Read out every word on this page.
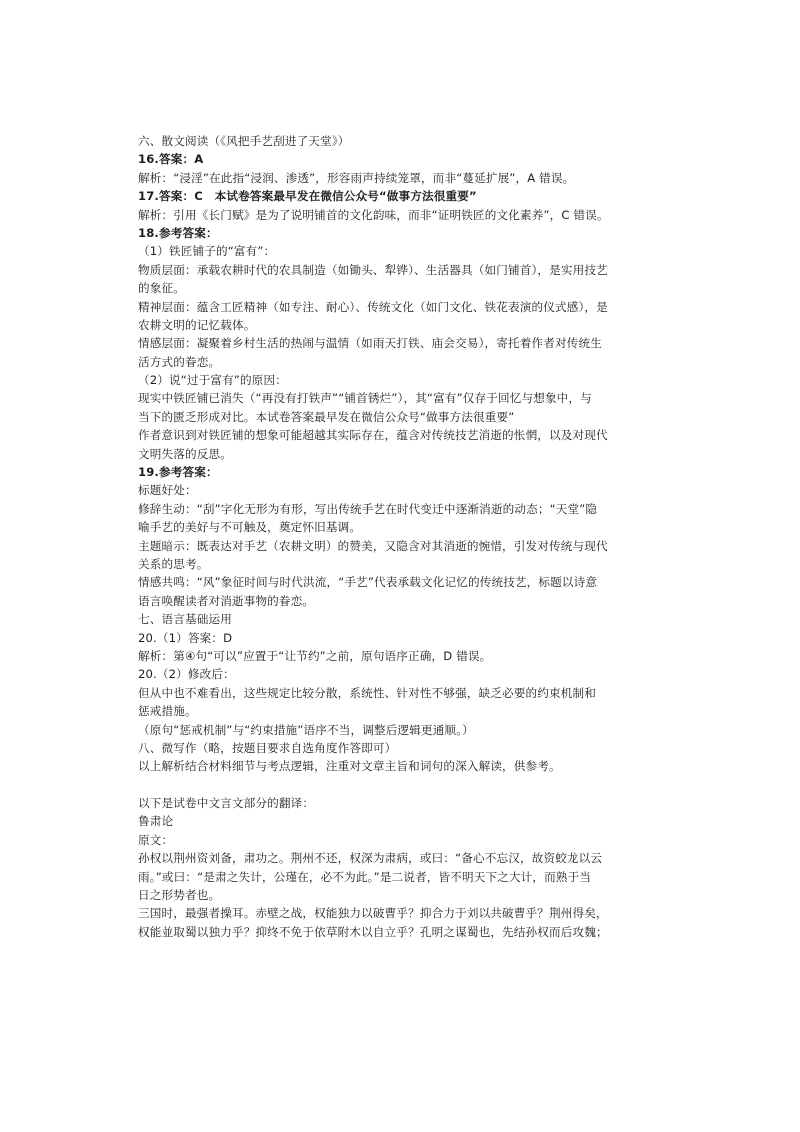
六、散文阅读（《风把手艺刮进了天堂》）
16.答案：A
解析：“浸淫”在此指“浸润、渗透”，形容雨声持续笼罩，而非“蔓延扩展”，A 错误。
17.答案：C　本试卷答案最早发在微信公众号“做事方法很重要”
解析：引用《长门赋》是为了说明铺首的文化韵味，而非“证明铁匠的文化素养”，C 错误。
18.参考答案：
（1）铁匠铺子的“富有”：
物质层面：承载农耕时代的农具制造（如锄头、犁铧）、生活器具（如门铺首），是实用技艺
的象征。
精神层面：蕴含工匠精神（如专注、耐心）、传统文化（如门文化、铁花表演的仪式感），是
农耕文明的记忆载体。
情感层面：凝聚着乡村生活的热闹与温情（如雨天打铁、庙会交易），寄托着作者对传统生
活方式的眷恋。
（2）说“过于富有”的原因：
现实中铁匠铺已消失（“再没有打铁声”“铺首锈烂”），其“富有”仅存于回忆与想象中，与
当下的匮乏形成对比。本试卷答案最早发在微信公众号“做事方法很重要”
作者意识到对铁匠铺的想象可能超越其实际存在，蕴含对传统技艺消逝的怅惘，以及对现代
文明失落的反思。
19.参考答案：
标题好处：
修辞生动：“刮”字化无形为有形，写出传统手艺在时代变迁中逐渐消逝的动态；“天堂”隐
喻手艺的美好与不可触及，奠定怀旧基调。
主题暗示：既表达对手艺（农耕文明）的赞美，又隐含对其消逝的惋惜，引发对传统与现代
关系的思考。
情感共鸣：“风”象征时间与时代洪流，“手艺”代表承载文化记忆的传统技艺，标题以诗意
语言唤醒读者对消逝事物的眷恋。
七、语言基础运用
20.（1）答案：D
解析：第④句“可以”应置于“让节约”之前，原句语序正确，D 错误。
20.（2）修改后：
但从中也不难看出，这些规定比较分散，系统性、针对性不够强，缺乏必要的约束机制和
惩戒措施。
（原句“惩戒机制”与“约束措施”语序不当，调整后逻辑更通顺。）
八、微写作（略，按题目要求自选角度作答即可）
以上解析结合材料细节与考点逻辑，注重对文章主旨和词句的深入解读，供参考。
以下是试卷中文言文部分的翻译：
鲁肃论
原文：
孙权以荆州资刘备，肃功之。荆州不还，权深为肃病，或曰：“备心不忘汉，故资蛟龙以云
雨。”或曰：“是肃之失计，公瑾在，必不为此。”是二说者，皆不明天下之大计，而熟于当
日之形势者也。
三国时，最强者操耳。赤壁之战，权能独力以破曹乎？抑合力于刘以共破曹乎？荆州得矣，
权能並取蜀以独力乎？抑终不免于依草附木以自立乎？孔明之谋蜀也，先结孙权而后攻魏；
